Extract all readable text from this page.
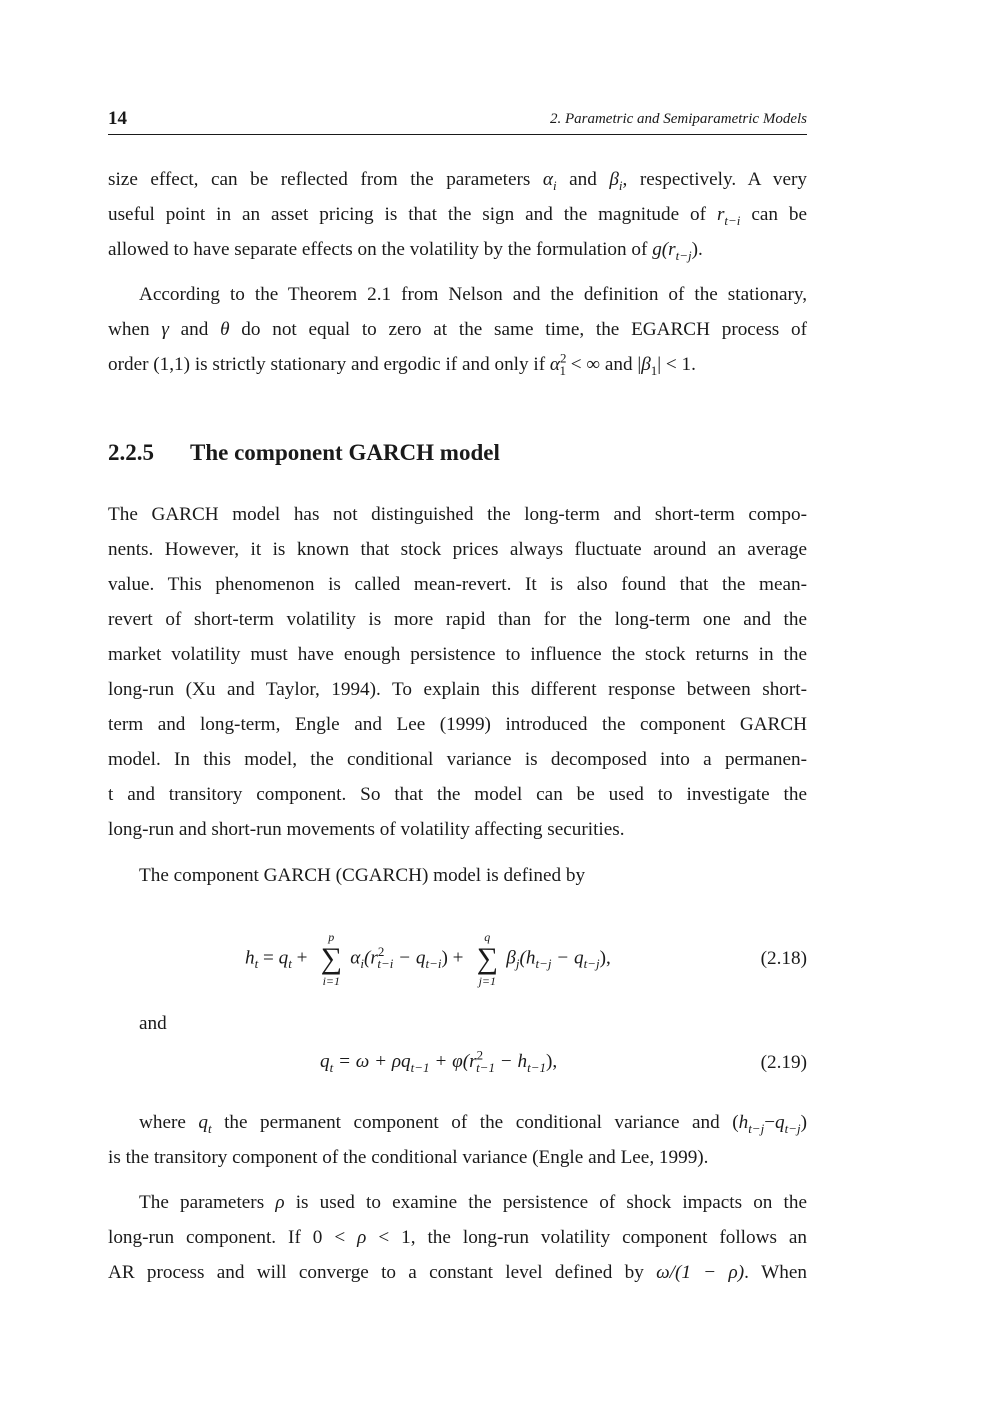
14	2. Parametric and Semiparametric Models
size effect, can be reflected from the parameters $\alpha_i$ and $\beta_i$, respectively. A very
useful point in an asset pricing is that the sign and the magnitude of $r_{t-i}$ can be
allowed to have separate effects on the volatility by the formulation of $g(r_{t-j})$.
According to the Theorem 2.1 from Nelson and the definition of the stationary,
when γ and θ do not equal to zero at the same time, the EGARCH process of
order (1,1) is strictly stationary and ergodic if and only if $\alpha^2_1$ < ∞ and $|\beta_1| < 1$.
2.2.5 The component GARCH model
The GARCH model has not distinguished the long-term and short-term compo-
nents. However, it is known that stock prices always fluctuate around an average
value. This phenomenon is called mean-revert. It is also found that the mean-
revert of short-term volatility is more rapid than for the long-term one and the
market volatility must have enough persistence to influence the stock returns in the
long-run (Xu and Taylor, 1994). To explain this different response between short-
term and long-term, Engle and Lee (1999) introduced the component GARCH
model. In this model, the conditional variance is decomposed into a permanen-
t and transitory component. So that the model can be used to investigate the
long-run and short-run movements of volatility affecting securities.
The component GARCH (CGARCH) model is defined by
$h_t = q_t$ +
p
∑
i=1
$\alpha_i(r^2_{t-i} - q_{t-i})$ +
q
∑
j=1
$\beta_j(h_{t-j} - q_{t-j})$,	(2.18)
and
$q_t = \omega + \rho q_{t-1} + \varphi(r^2_{t-1} - h_{t-1})$,	(2.19)
where $q_t$ the permanent component of the conditional variance and $(h_{t-j}-q_{t-j})$
is the transitory component of the conditional variance (Engle and Lee, 1999).
The parameters ρ is used to examine the persistence of shock impacts on the
long-run component. If 0 < ρ < 1, the long-run volatility component follows an
AR process and will converge to a constant level defined by ω/(1 − ρ). When
